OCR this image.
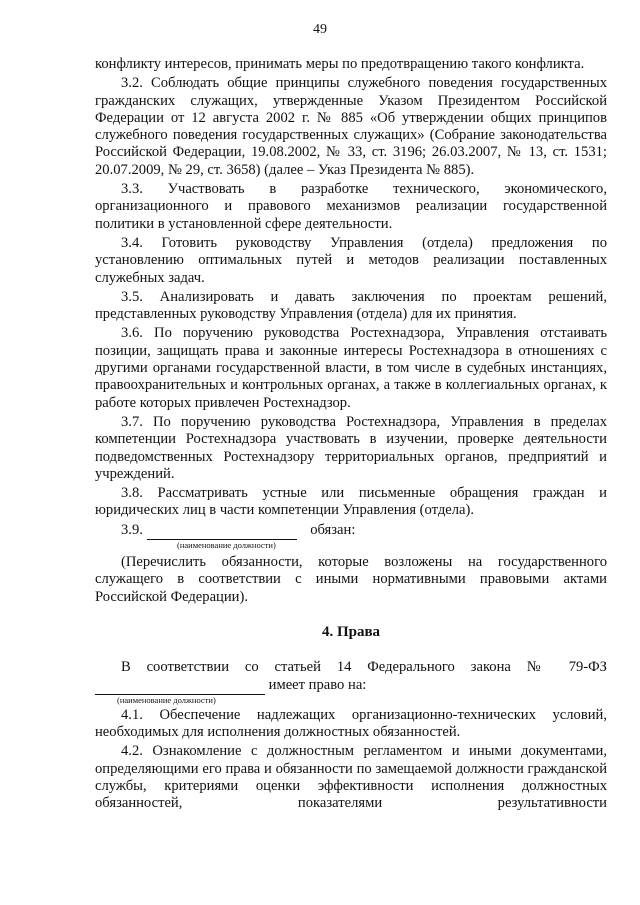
49

конфликту интересов, принимать меры по предотвращению такого конфликта.

3.2. Соблюдать общие принципы служебного поведения государственных гражданских служащих, утвержденные Указом Президентом Российской Федерации от 12 августа 2002 г. № 885 «Об утверждении общих принципов служебного поведения государственных служащих» (Собрание законодательства Российской Федерации, 19.08.2002, № 33, ст. 3196; 26.03.2007, № 13, ст. 1531; 20.07.2009, № 29, ст. 3658) (далее – Указ Президента № 885).

3.3. Участвовать в разработке технического, экономического, организационного и правового механизмов реализации государственной политики в установленной сфере деятельности.

3.4. Готовить руководству Управления (отдела) предложения по установлению оптимальных путей и методов реализации поставленных служебных задач.

3.5. Анализировать и давать заключения по проектам решений, представленных руководству Управления (отдела) для их принятия.

3.6. По поручению руководства Ростехнадзора, Управления отстаивать позиции, защищать права и законные интересы Ростехнадзора в отношениях с другими органами государственной власти, в том числе в судебных инстанциях, правоохранительных и контрольных органах, а также в коллегиальных органах, к работе которых привлечен Ростехнадзор.

3.7. По поручению руководства Ростехнадзора, Управления в пределах компетенции Ростехнадзора участвовать в изучении, проверке деятельности подведомственных Ростехнадзору территориальных органов, предприятий и учреждений.

3.8. Рассматривать устные или письменные обращения граждан и юридических лиц в части компетенции Управления (отдела).

3.9.	обязан:
(наименование должности)

(Перечислить обязанности, которые возложены на государственного служащего в соответствии с иными нормативными правовыми актами Российской Федерации).

4. Права

В соответствии со статьей 14 Федерального закона № 79-ФЗ

имеет право на:
(наименование должности)

4.1. Обеспечение надлежащих организационно-технических условий, необходимых для исполнения должностных обязанностей.

4.2. Ознакомление с должностным регламентом и иными документами, определяющими его права и обязанности по замещаемой должности гражданской службы, критериями оценки эффективности исполнения должностных обязанностей, показателями результативности
